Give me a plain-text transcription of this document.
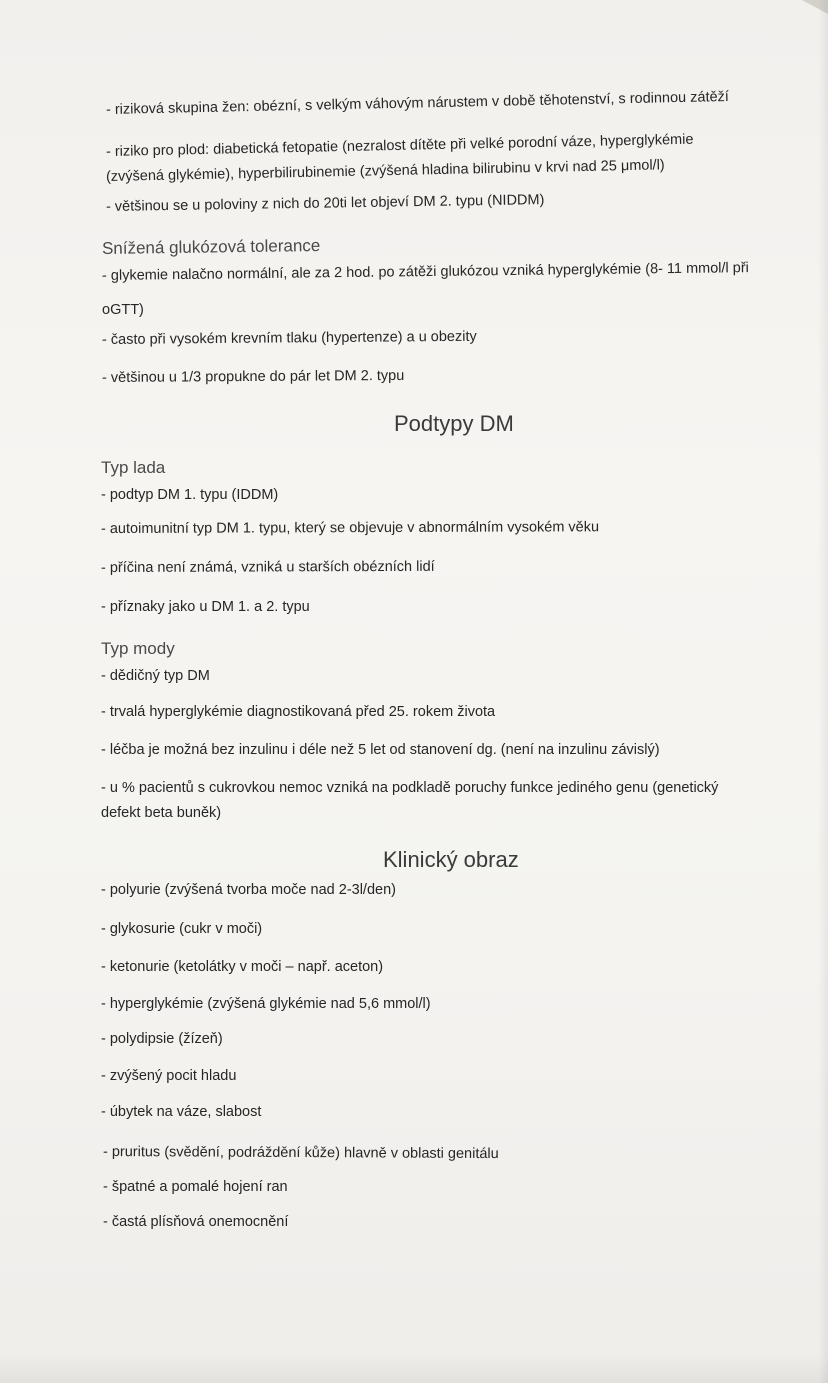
- riziková skupina žen: obézní, s velkým váhovým nárustem v době těhotenství, s rodinnou zátěží
- riziko pro plod: diabetická fetopatie (nezralost dítěte při velké porodní váze, hyperglykémie
(zvýšená glykémie), hyperbilirubinemie (zvýšená hladina bilirubinu v krvi nad 25 μmol/l)
- většinou se u poloviny z nich do 20ti let objeví DM 2. typu (NIDDM)
Snížená glukózová tolerance
- glykemie nalačno normální, ale za 2 hod. po zátěži glukózou vzniká hyperglykémie (8- 11 mmol/l při
oGTT)
- často při vysokém krevním tlaku (hypertenze) a u obezity
- většinou u 1/3 propukne do pár let DM 2. typu
Podtypy DM
Typ lada
- podtyp DM 1. typu (IDDM)
- autoimunitní typ DM 1. typu, který se objevuje v abnormálním vysokém věku
- příčina není známá, vzniká u starších obézních lidí
- příznaky jako u DM 1. a 2. typu
Typ mody
- dědičný typ DM
- trvalá hyperglykémie diagnostikovaná před 25. rokem života
- léčba je možná bez inzulinu i déle než 5 let od stanovení dg. (není na inzulinu závislý)
- u % pacientů s cukrovkou nemoc vzniká na podkladě poruchy funkce jediného genu (genetický
defekt beta buněk)
Klinický obraz
- polyurie (zvýšená tvorba moče nad 2-3l/den)
- glykosurie (cukr v moči)
- ketonurie (ketolátky v moči – např. aceton)
- hyperglykémie (zvýšená glykémie nad 5,6 mmol/l)
- polydipsie (žízeň)
- zvýšený pocit hladu
- úbytek na váze, slabost
- pruritus (svědění, podráždění kůže) hlavně v oblasti genitálu
- špatné a pomalé hojení ran
- častá plísňová onemocnění
